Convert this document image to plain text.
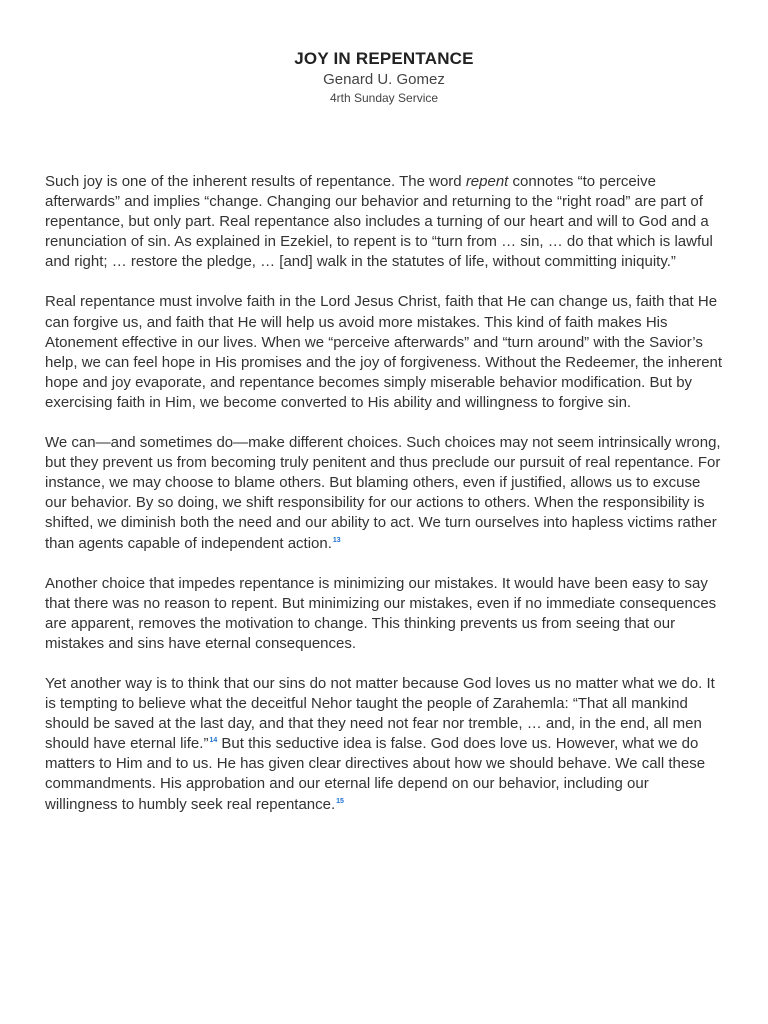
JOY IN REPENTANCE

Genard U. Gomez

4rth Sunday Service

Such joy is one of the inherent results of repentance. The word repent connotes “to perceive afterwards” and implies “change. Changing our behavior and returning to the “right road” are part of repentance, but only part. Real repentance also includes a turning of our heart and will to God and a renunciation of sin. As explained in Ezekiel, to repent is to “turn from … sin, … do that which is lawful and right; … restore the pledge, … [and] walk in the statutes of life, without committing iniquity.”

Real repentance must involve faith in the Lord Jesus Christ, faith that He can change us, faith that He can forgive us, and faith that He will help us avoid more mistakes. This kind of faith makes His Atonement effective in our lives. When we “perceive afterwards” and “turn around” with the Savior’s help, we can feel hope in His promises and the joy of forgiveness. Without the Redeemer, the inherent hope and joy evaporate, and repentance becomes simply miserable behavior modification. But by exercising faith in Him, we become converted to His ability and willingness to forgive sin.

We can—and sometimes do—make different choices. Such choices may not seem intrinsically wrong, but they prevent us from becoming truly penitent and thus preclude our pursuit of real repentance. For instance, we may choose to blame others. But blaming others, even if justified, allows us to excuse our behavior. By so doing, we shift responsibility for our actions to others. When the responsibility is shifted, we diminish both the need and our ability to act. We turn ourselves into hapless victims rather than agents capable of independent action.$^{13}$

Another choice that impedes repentance is minimizing our mistakes. It would have been easy to say that there was no reason to repent. But minimizing our mistakes, even if no immediate consequences are apparent, removes the motivation to change. This thinking prevents us from seeing that our mistakes and sins have eternal consequences.

Yet another way is to think that our sins do not matter because God loves us no matter what we do. It is tempting to believe what the deceitful Nehor taught the people of Zarahemla: “That all mankind should be saved at the last day, and that they need not fear nor tremble, … and, in the end, all men should have eternal life.”$^{14}$ But this seductive idea is false. God does love us. However, what we do matters to Him and to us. He has given clear directives about how we should behave. We call these commandments. His approbation and our eternal life depend on our behavior, including our willingness to humbly seek real repentance.$^{15}$
